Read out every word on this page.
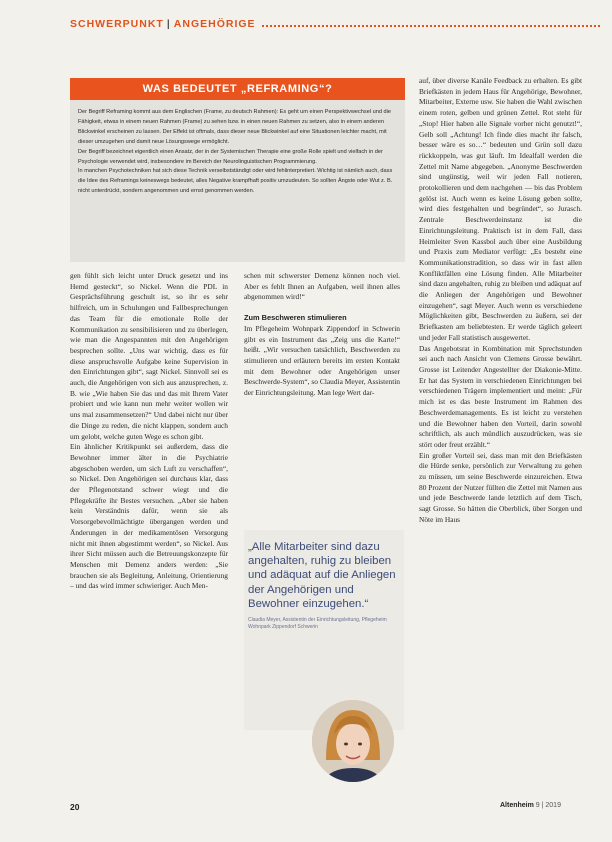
SCHWERPUNKT | ANGEHÖRIGE
WAS BEDEUTET „REFRAMING“?

Der Begriff Reframing kommt aus dem Englischen (Frame, zu deutsch Rahmen): Es geht um einen Perspektivwechsel und die Fähigkeit, etwas in einem neuen Rahmen (Frame) zu sehen bzw. in einen neuen Rahmen zu setzen, also in einem anderen Blickwinkel erscheinen zu lassen. Der Effekt ist oftmals, dass dieser neue Blickwinkel auf eine Situationen leichter macht, mit dieser umzugehen und damit neue Lösungswege ermöglicht.

Der Begriff bezeichnet eigentlich einen Ansatz, der in der Systemischen Therapie eine große Rolle spielt und vielfach in der Psychologie verwendet wird, insbesondere im Bereich der Neurolinguistischen Programmierung.

In manchen Psychotechniken hat sich diese Technik verselbstständigt oder wird fehlinterpretiert. Wichtig ist nämlich auch, dass die Idee des Reframings keineswegs bedeutet, alles Negative krampfhaft positiv umzudeuten. So sollten Ängste oder Wut z. B. nicht unterdrückt, sondern angenommen und ernst genommen werden.

gen fühlt sich leicht unter Druck gesetzt und ins Hemd gesteckt“, so Nickel. Wenn die PDL in Gesprächsführung geschult ist, so ihr es sehr hilfreich, um in Schulungen und Fallbesprechungen das Team für die emotionale Rolle der Kommunikation zu sensibilisieren und zu überlegen, wie man die Angespannten mit den Angehörigen besprechen sollte. „Uns war wichtig, dass es für diese anspruchsvolle Aufgabe keine Supervision in den Einrichtungen gibt“, sagt Nickel. Sinnvoll sei es auch, die Angehörigen von sich aus anzusprechen, z. B. wie „Wie haben Sie das und das mit Ihrem Vater probiert und wie kann nun mehr weiter wollen wir uns mal zusammensetzen?“ Und dabei nicht nur über die Dinge zu reden, die nicht klappen, sondern auch um gelobt, welche guten Wege es schon gibt.

Ein ähnlicher Kritikpunkt sei außerdem, dass die Bewohner immer älter in die Psychiatrie abgeschoben werden, um sich Luft zu verschaffen“, so Nickel. Den Angehörigen sei durchaus klar, dass der Pflegenotstand schwer wiegt und die Pflegekräfte ihr Bestes versuchen. „Aber sie haben kein Verständnis dafür, wenn sie als Vorsorgebevollmächtigte übergangen werden und Änderungen in der medikamentösen Versorgung nicht mit ihnen abgestimmt werden“, so Nickel. Aus ihrer Sicht müssen auch die Betreuungskonzepte für Menschen mit Demenz anders werden: „Sie brauchen sie als Begleitung, Anleitung, Orientierung – und das wird immer schwieriger. Auch Men-

schen mit schwerster Demenz können noch viel. Aber es fehlt Ihnen an Aufgaben, weil ihnen alles abgenommen wird!“

Zum Beschweren stimulieren

Im Pflegeheim Wohnpark Zippendorf in Schwerin gibt es ein Instrument das „Zeig uns die Karte!“ heißt. „Wir versuchen tatsächlich, Beschwerden zu stimulieren und erläutern bereits im ersten Kontakt mit dem Bewohner oder Angehörigen unser Beschwerde-System“, so Claudia Meyer, Assistentin der Einrichtungsleitung. Man lege Wert dar-

„Alle Mitarbeiter sind dazu angehalten, ruhig zu bleiben und adäquat auf die Anliegen der Angehörigen und Bewohner einzugehen.“
Claudia Meyer, Assistentin der Einrichtungsleitung, Pflegeheim Wohnpark Zippendorf Schwerin

auf, über diverse Kanäle Feedback zu erhalten. Es gibt Briefkästen in jedem Haus für Angehörige, Bewohner, Mitarbeiter, Externe usw. Sie haben die Wahl zwischen einem roten, gelben und grünen Zettel. Rot steht für „Stop! Hier haben alle Signale vorher nicht genutzt!“, Gelb soll „Achtung! Ich finde dies macht ihr falsch, besser wäre es so…“ bedeuten und Grün soll dazu rückkoppeln, was gut läuft. Im Idealfall werden die Zettel mit Name abgegeben. „Anonyme Beschwerden sind ungünstig, weil wir jeden Fall notieren, protokollieren und dem nachgehen — bis das Problem gelöst ist. Auch wenn es keine Lösung geben sollte, wird dies festgehalten und begründet“, so Jurasch. Zentrale Beschwerdeinstanz ist die Einrichtungsleitung. Praktisch ist in dem Fall, dass Heimleiter Sven Kassbol auch über eine Ausbildung und Praxis zum Mediator verfügt: „Es besteht eine Kommunikationstradition, so dass wir in fast allen Konfliktfällen eine Lösung finden. Alle Mitarbeiter sind dazu angehalten, ruhig zu bleiben und adäquat auf die Anliegen der Angehörigen und Bewohner einzugehen“, sagt Meyer. Auch wenn es verschiedene Möglichkeiten gibt, Beschwerden zu äußern, sei der Briefkasten am beliebtesten. Er werde täglich geleert und jeder Fall statistisch ausgewertet.

Das Angebotsrat in Kombination mit Sprechstunden sei auch nach Ansicht von Clemens Grosse bewährt. Grosse ist Leitender Angestellter der Diakonie-Mitte. Er hat das System in verschiedenen Einrichtungen bei verschiedenen Trägern implementiert und meint: „Für mich ist es das beste Instrument im Rahmen des Beschwerdemanagements. Es ist leicht zu verstehen und die Bewohner haben den Vorteil, darin sowohl schriftlich, als auch mündlich auszudrücken, was sie stört oder freut erzählt.“

Ein großer Vorteil sei, dass man mit den Briefkästen die Hürde senke, persönlich zur Verwaltung zu gehen zu müssen, um seine Beschwerde einzureichen. Etwa 80 Prozent der Nutzer füllten die Zettel mit Namen aus und jede Beschwerde lande letztlich auf dem Tisch, sagt Grosse. So hätten die Oberblick, über Sorgen und Nöte im Haus

20	Altenheim 9 | 2019
